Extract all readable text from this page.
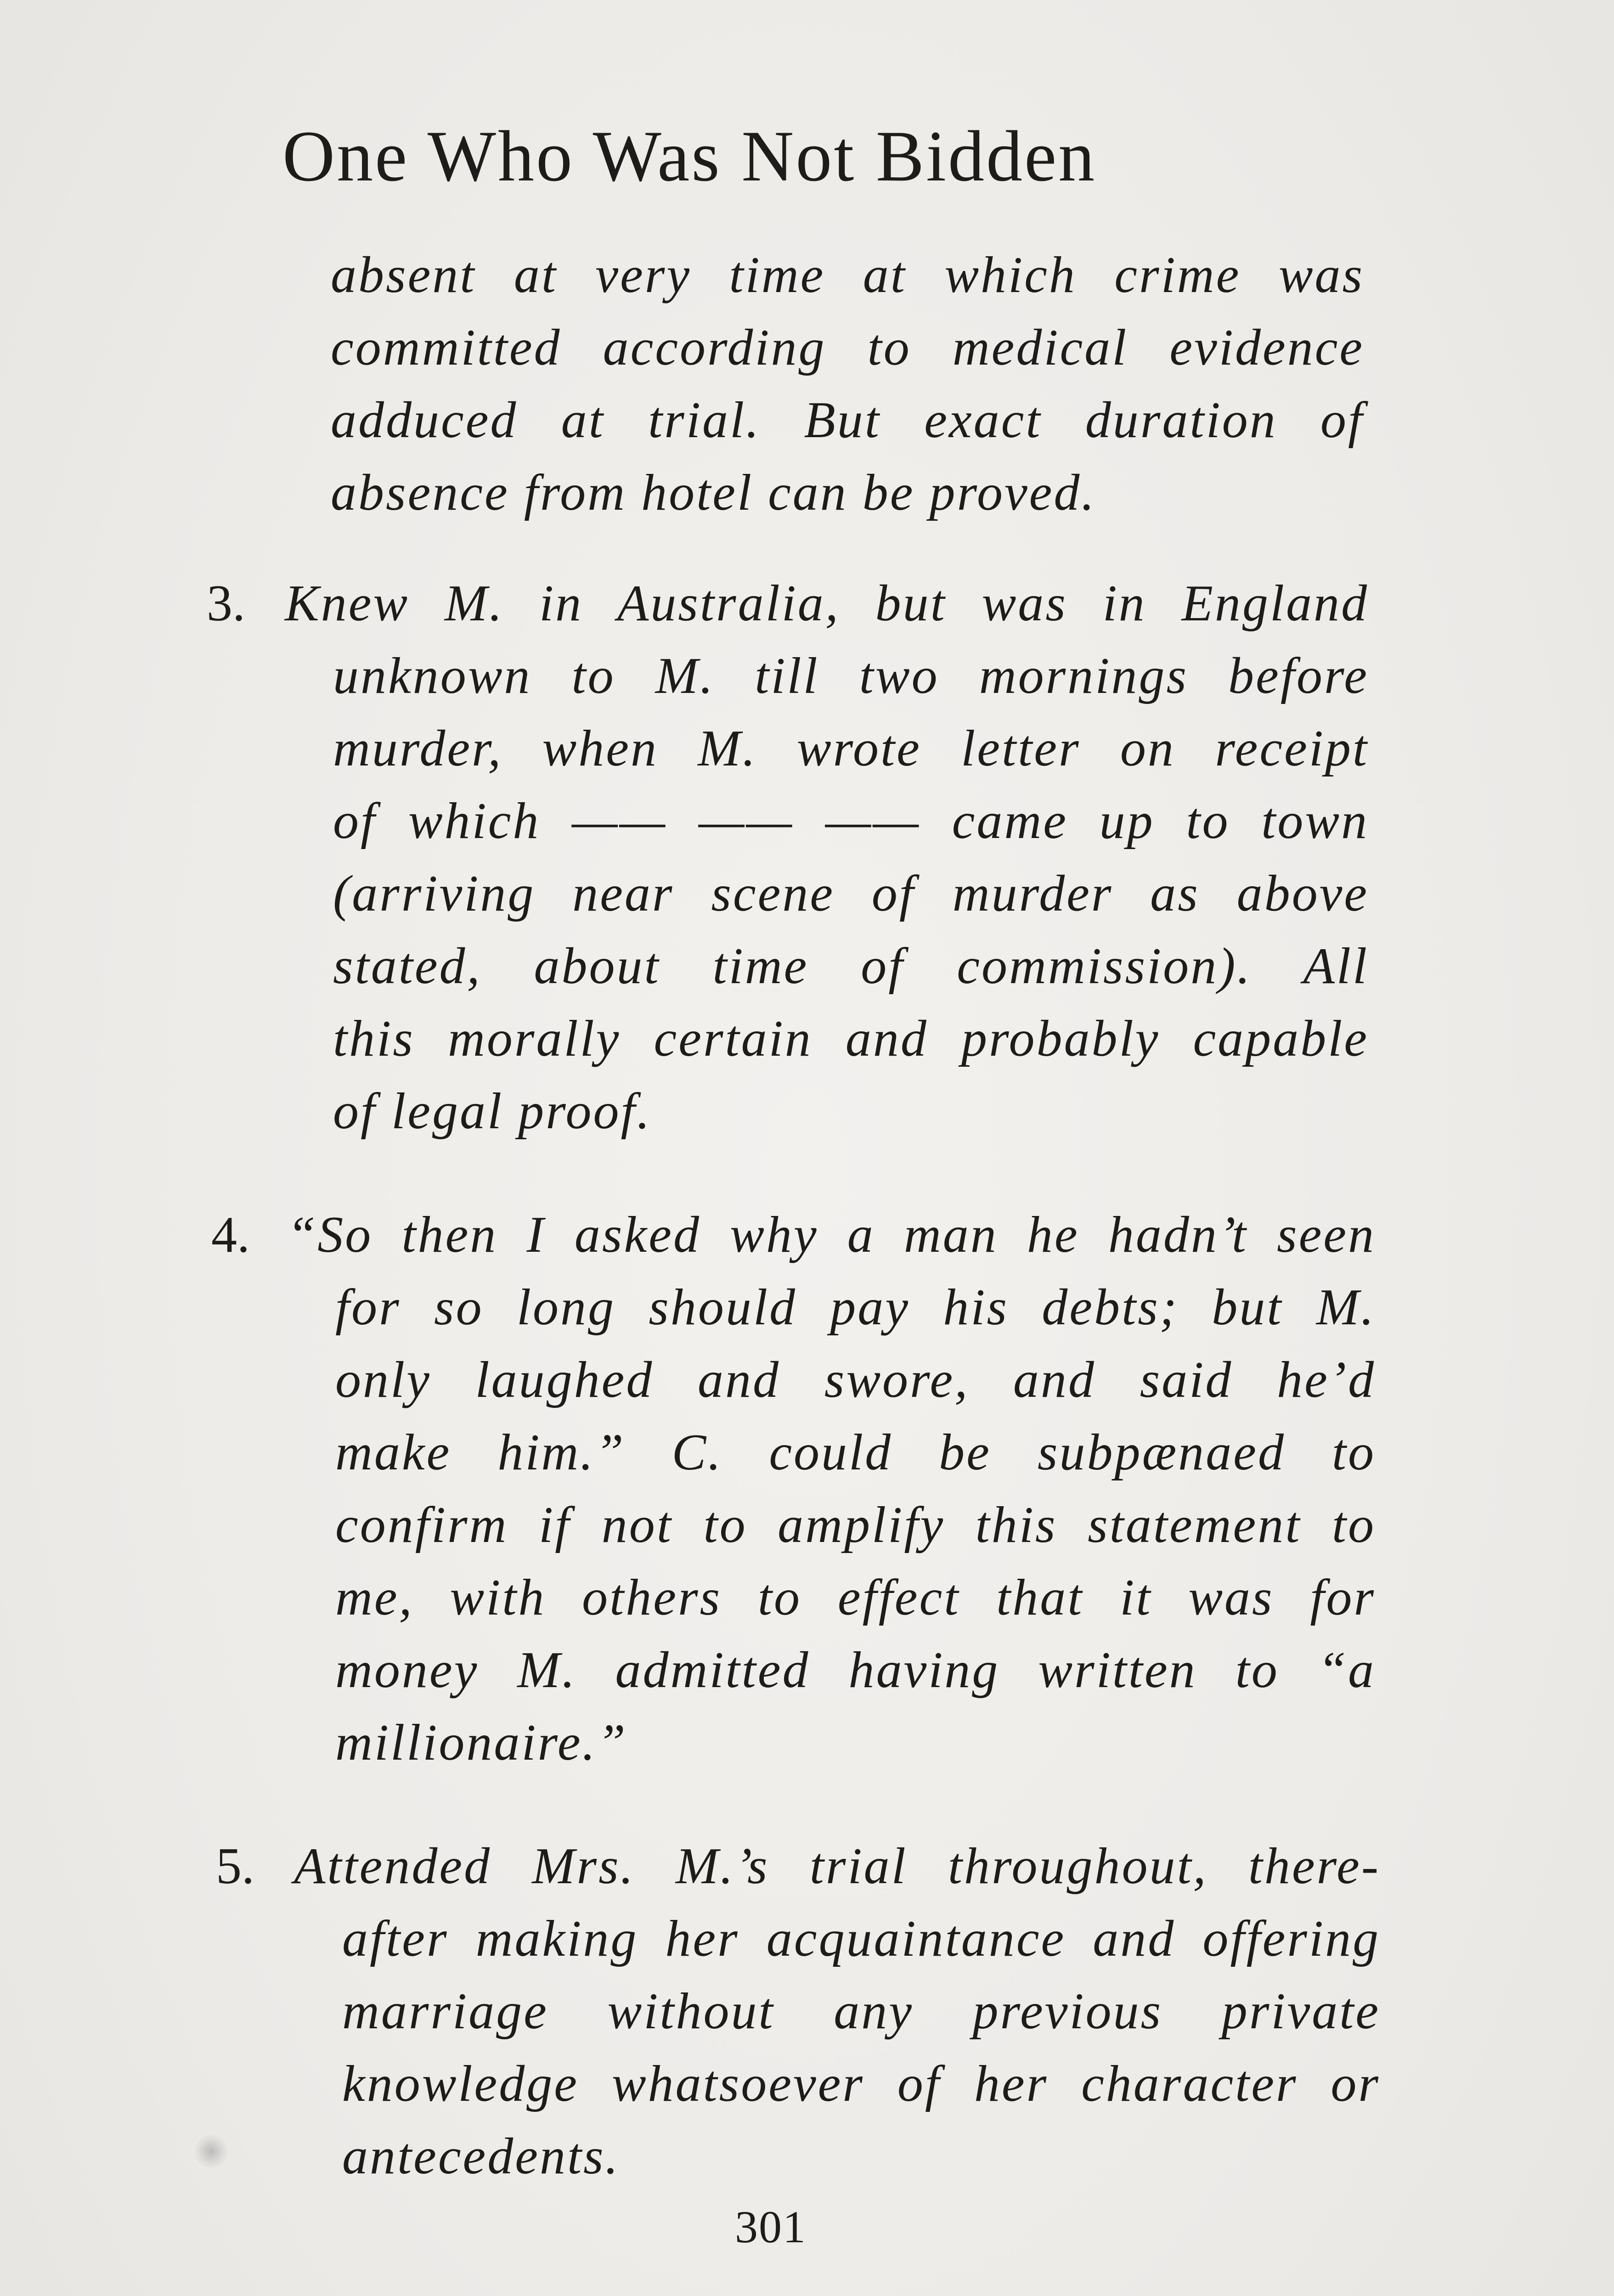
One Who Was Not Bidden
absent at very time at which crime was
committed according to medical evidence
adduced at trial. But exact duration of
absence from hotel can be proved.
3. Knew M. in Australia, but was in England
unknown to M. till two mornings before
murder, when M. wrote letter on receipt
of which —— —— —— came up to town
(arriving near scene of murder as above
stated, about time of commission). All
this morally certain and probably capable
of legal proof.
4. “So then I asked why a man he hadn’t seen
for so long should pay his debts; but M.
only laughed and swore, and said he’d
make him.” C. could be subpænaed to
confirm if not to amplify this statement to
me, with others to effect that it was for
money M. admitted having written to “a
millionaire.”
5. Attended Mrs. M.’s trial throughout, there-
after making her acquaintance and offering
marriage without any previous private
knowledge whatsoever of her character or
antecedents.
301
